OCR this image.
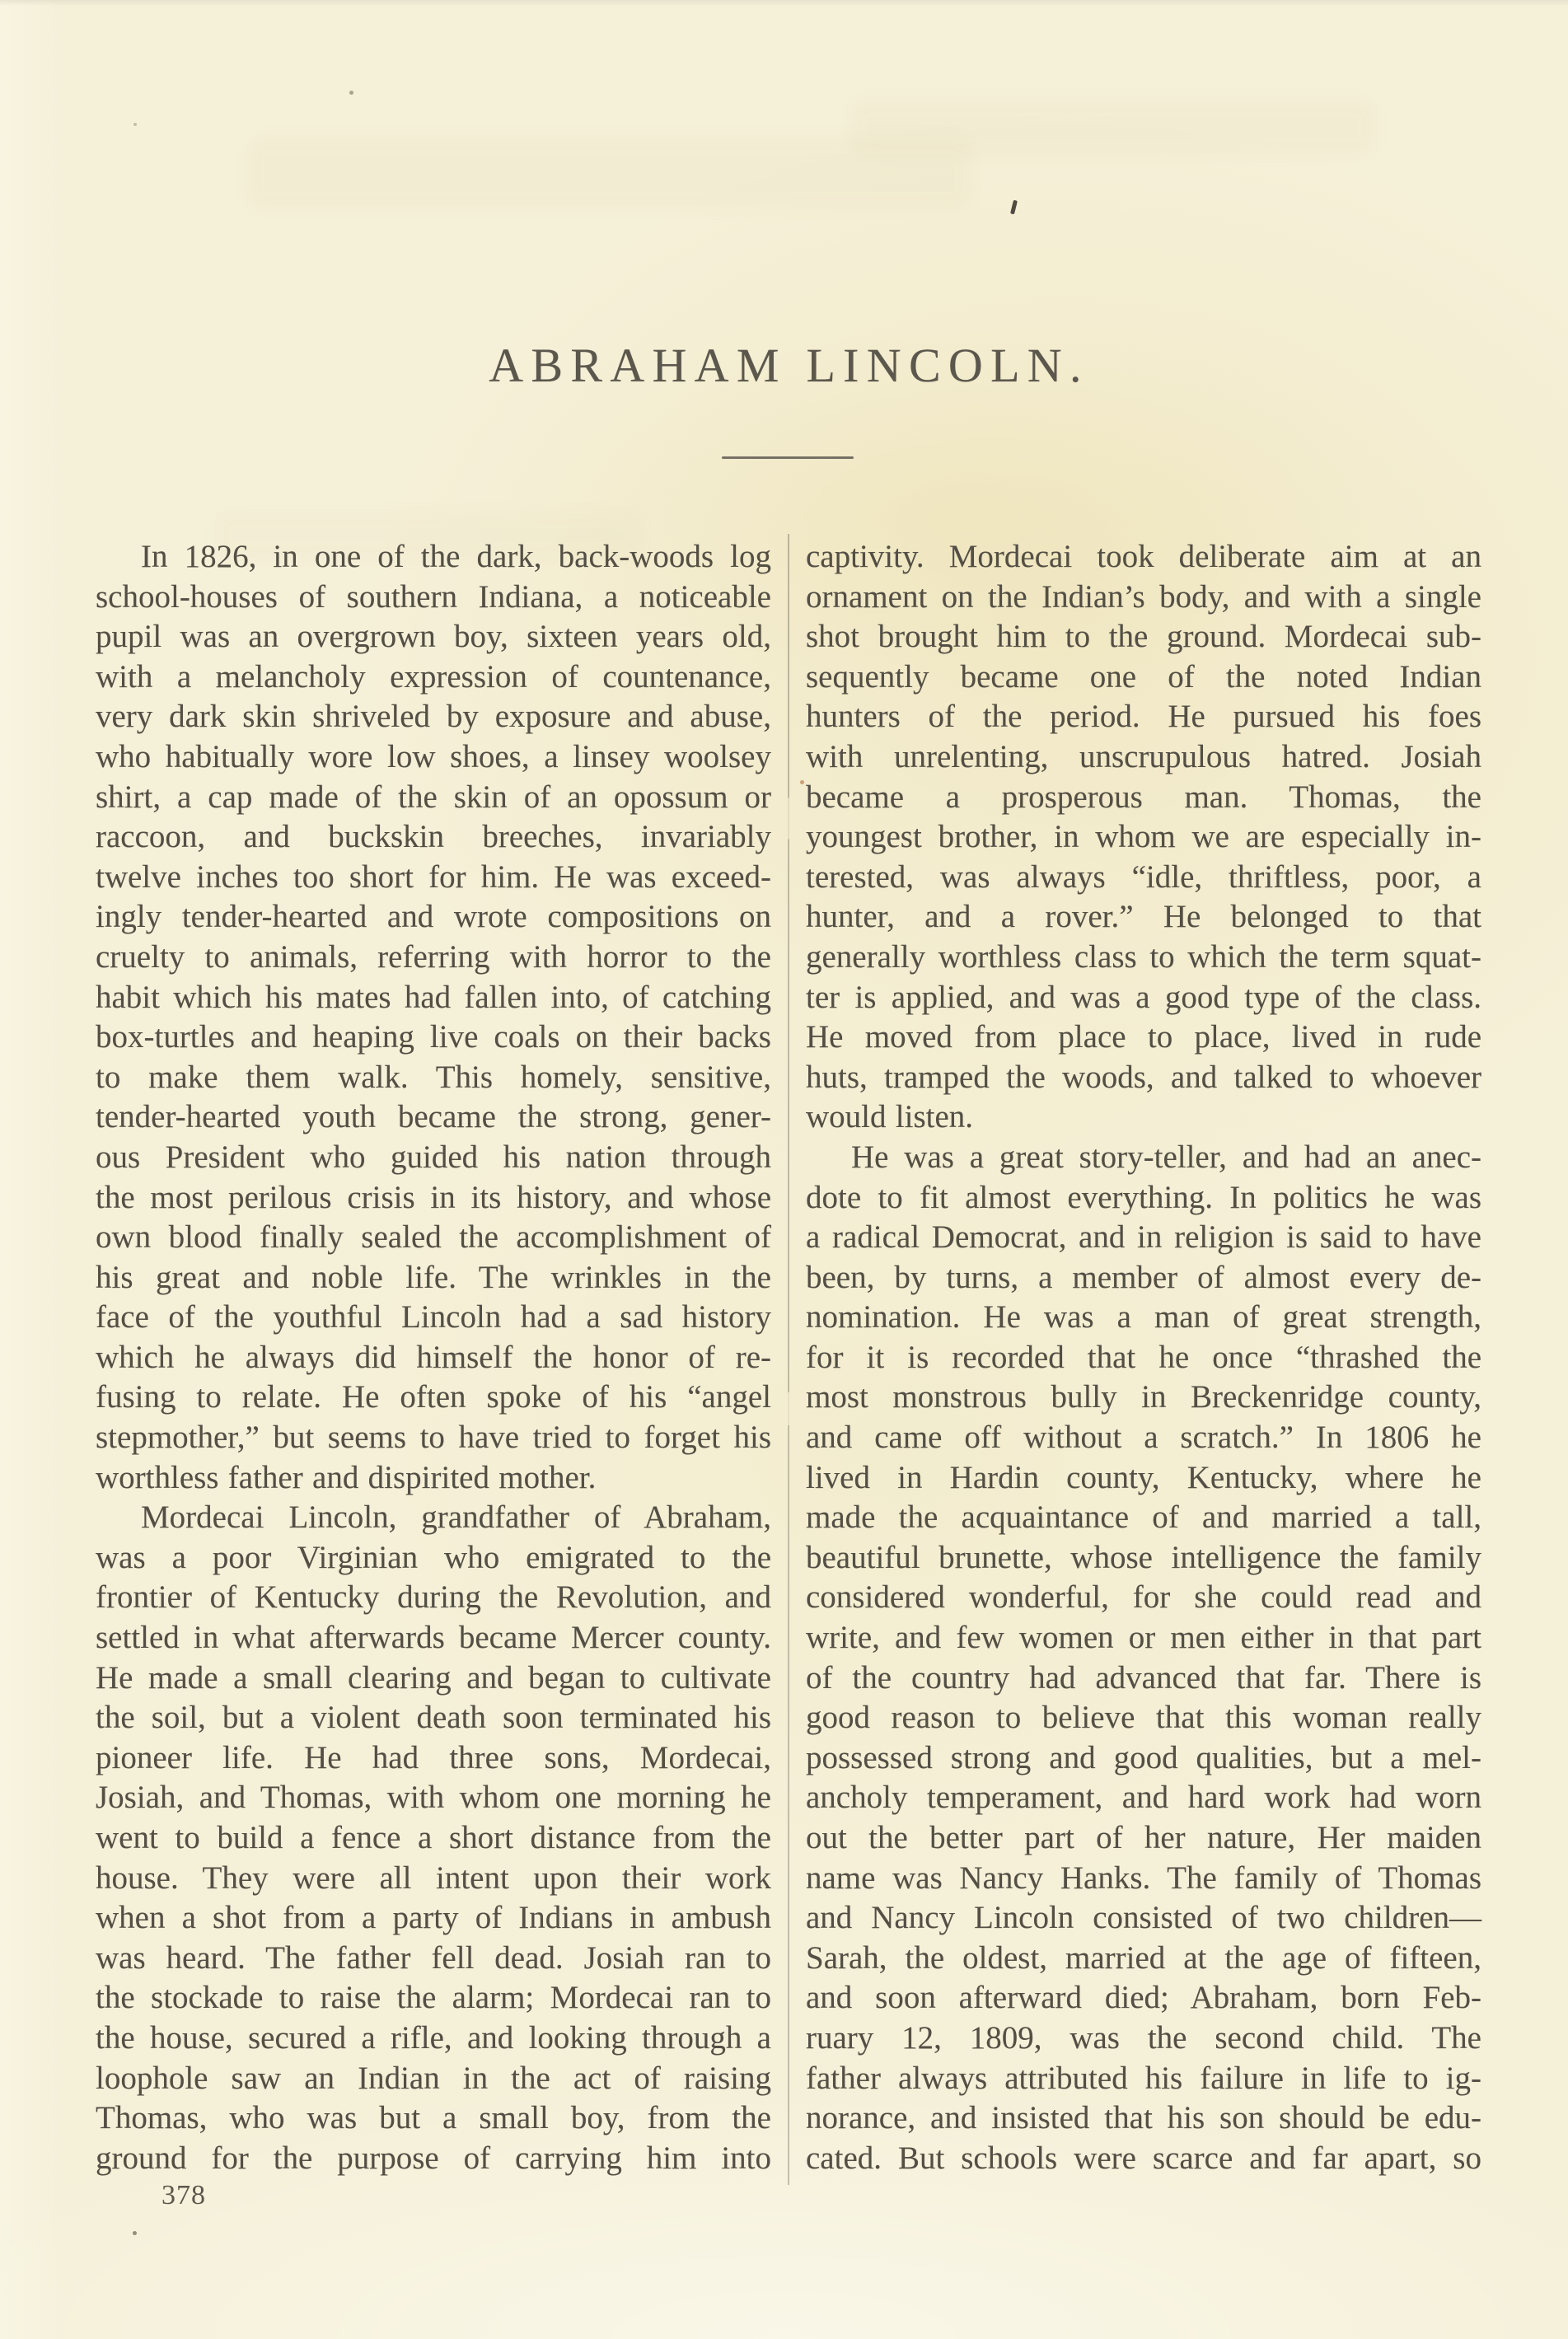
ABRAHAM LINCOLN.
In 1826, in one of the dark, back-woods log
school-houses of southern Indiana, a noticeable
pupil was an overgrown boy, sixteen years old,
with a melancholy expression of countenance,
very dark skin shriveled by exposure and abuse,
who habitually wore low shoes, a linsey woolsey
shirt, a cap made of the skin of an opossum or
raccoon, and buckskin breeches, invariably
twelve inches too short for him. He was exceed-
ingly tender-hearted and wrote compositions on
cruelty to animals, referring with horror to the
habit which his mates had fallen into, of catching
box-turtles and heaping live coals on their backs
to make them walk. This homely, sensitive,
tender-hearted youth became the strong, gener-
ous President who guided his nation through
the most perilous crisis in its history, and whose
own blood finally sealed the accomplishment of
his great and noble life. The wrinkles in the
face of the youthful Lincoln had a sad history
which he always did himself the honor of re-
fusing to relate. He often spoke of his “angel
stepmother,” but seems to have tried to forget his
worthless father and dispirited mother.
Mordecai Lincoln, grandfather of Abraham,
was a poor Virginian who emigrated to the
frontier of Kentucky during the Revolution, and
settled in what afterwards became Mercer county.
He made a small clearing and began to cultivate
the soil, but a violent death soon terminated his
pioneer life. He had three sons, Mordecai,
Josiah, and Thomas, with whom one morning he
went to build a fence a short distance from the
house. They were all intent upon their work
when a shot from a party of Indians in ambush
was heard. The father fell dead. Josiah ran to
the stockade to raise the alarm; Mordecai ran to
the house, secured a rifle, and looking through a
loophole saw an Indian in the act of raising
Thomas, who was but a small boy, from the
ground for the purpose of carrying him into
captivity. Mordecai took deliberate aim at an
ornament on the Indian’s body, and with a single
shot brought him to the ground. Mordecai sub-
sequently became one of the noted Indian
hunters of the period. He pursued his foes
with unrelenting, unscrupulous hatred. Josiah
became a prosperous man. Thomas, the
youngest brother, in whom we are especially in-
terested, was always “idle, thriftless, poor, a
hunter, and a rover.” He belonged to that
generally worthless class to which the term squat-
ter is applied, and was a good type of the class.
He moved from place to place, lived in rude
huts, tramped the woods, and talked to whoever
would listen.
He was a great story-teller, and had an anec-
dote to fit almost everything. In politics he was
a radical Democrat, and in religion is said to have
been, by turns, a member of almost every de-
nomination. He was a man of great strength,
for it is recorded that he once “thrashed the
most monstrous bully in Breckenridge county,
and came off without a scratch.” In 1806 he
lived in Hardin county, Kentucky, where he
made the acquaintance of and married a tall,
beautiful brunette, whose intelligence the family
considered wonderful, for she could read and
write, and few women or men either in that part
of the country had advanced that far. There is
good reason to believe that this woman really
possessed strong and good qualities, but a mel-
ancholy temperament, and hard work had worn
out the better part of her nature, Her maiden
name was Nancy Hanks. The family of Thomas
and Nancy Lincoln consisted of two children—
Sarah, the oldest, married at the age of fifteen,
and soon afterward died; Abraham, born Feb-
ruary 12, 1809, was the second child. The
father always attributed his failure in life to ig-
norance, and insisted that his son should be edu-
cated. But schools were scarce and far apart, so
378
